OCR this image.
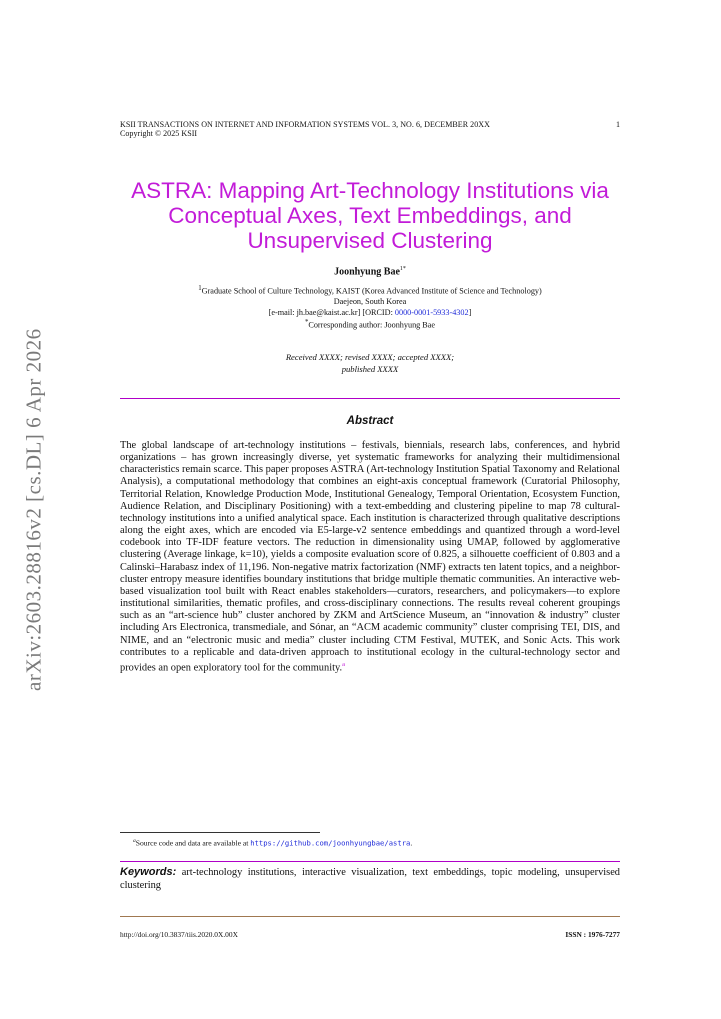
arXiv:2603.28816v2 [cs.DL] 6 Apr 2026
KSII TRANSACTIONS ON INTERNET AND INFORMATION SYSTEMS VOL. 3, NO. 6, DECEMBER 20XX
Copyright © 2025 KSII
1
ASTRA: Mapping Art-Technology Institutions via Conceptual Axes, Text Embeddings, and Unsupervised Clustering
Joonhyung Bae$^{1*}$
$^1$Graduate School of Culture Technology, KAIST (Korea Advanced Institute of Science and Technology)
Daejeon, South Korea
[e-mail: jh.bae@kaist.ac.kr] [ORCID: 0000-0001-5933-4302]
*Corresponding author: Joonhyung Bae
Received XXXX; revised XXXX; accepted XXXX;
published XXXX
Abstract
The global landscape of art-technology institutions – festivals, biennials, research labs, conferences, and hybrid organizations – has grown increasingly diverse, yet systematic frameworks for analyzing their multidimensional characteristics remain scarce. This paper proposes ASTRA (Art-technology Institution Spatial Taxonomy and Relational Analysis), a computational methodology that combines an eight-axis conceptual framework (Curatorial Philosophy, Territorial Relation, Knowledge Production Mode, Institutional Genealogy, Temporal Orientation, Ecosystem Function, Audience Relation, and Disciplinary Positioning) with a text-embedding and clustering pipeline to map 78 cultural-technology institutions into a unified analytical space. Each institution is characterized through qualitative descriptions along the eight axes, which are encoded via E5-large-v2 sentence embeddings and quantized through a word-level codebook into TF-IDF feature vectors. The reduction in dimensionality using UMAP, followed by agglomerative clustering (Average linkage, k=10), yields a composite evaluation score of 0.825, a silhouette coefficient of 0.803 and a Calinski–Harabasz index of 11,196. Non-negative matrix factorization (NMF) extracts ten latent topics, and a neighbor-cluster entropy measure identifies boundary institutions that bridge multiple thematic communities. An interactive web-based visualization tool built with React enables stakeholders—curators, researchers, and policymakers—to explore institutional similarities, thematic profiles, and cross-disciplinary connections. The results reveal coherent groupings such as an “art-science hub” cluster anchored by ZKM and ArtScience Museum, an “innovation & industry” cluster including Ars Electronica, transmediale, and Sónar, an “ACM academic community” cluster comprising TEI, DIS, and NIME, and an “electronic music and media” cluster including CTM Festival, MUTEK, and Sonic Acts. This work contributes to a replicable and data-driven approach to institutional ecology in the cultural-technology sector and provides an open exploratory tool for the community.$^a$
$^a$Source code and data are available at https://github.com/joonhyungbae/astra.
Keywords: art-technology institutions, interactive visualization, text embeddings, topic modeling, unsupervised clustering
http://doi.org/10.3837/tiis.2020.0X.00X	ISSN : 1976-7277
